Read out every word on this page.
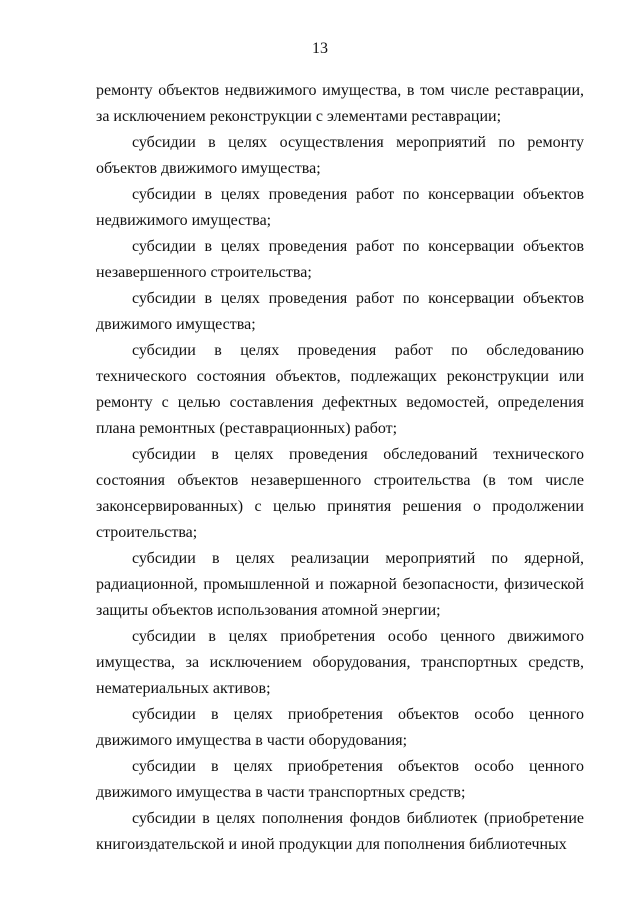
13

ремонту объектов недвижимого имущества, в том числе реставрации, за исключением реконструкции с элементами реставрации;

субсидии в целях осуществления мероприятий по ремонту объектов движимого имущества;

субсидии в целях проведения работ по консервации объектов недвижимого имущества;

субсидии в целях проведения работ по консервации объектов незавершенного строительства;

субсидии в целях проведения работ по консервации объектов движимого имущества;

субсидии в целях проведения работ по обследованию технического состояния объектов, подлежащих реконструкции или ремонту с целью составления дефектных ведомостей, определения плана ремонтных (реставрационных) работ;

субсидии в целях проведения обследований технического состояния объектов незавершенного строительства (в том числе законсервированных) с целью принятия решения о продолжении строительства;

субсидии в целях реализации мероприятий по ядерной, радиационной, промышленной и пожарной безопасности, физической защиты объектов использования атомной энергии;

субсидии в целях приобретения особо ценного движимого имущества, за исключением оборудования, транспортных средств, нематериальных активов;

субсидии в целях приобретения объектов особо ценного движимого имущества в части оборудования;

субсидии в целях приобретения объектов особо ценного движимого имущества в части транспортных средств;

субсидии в целях пополнения фондов библиотек (приобретение книгоиздательской и иной продукции для пополнения библиотечных
